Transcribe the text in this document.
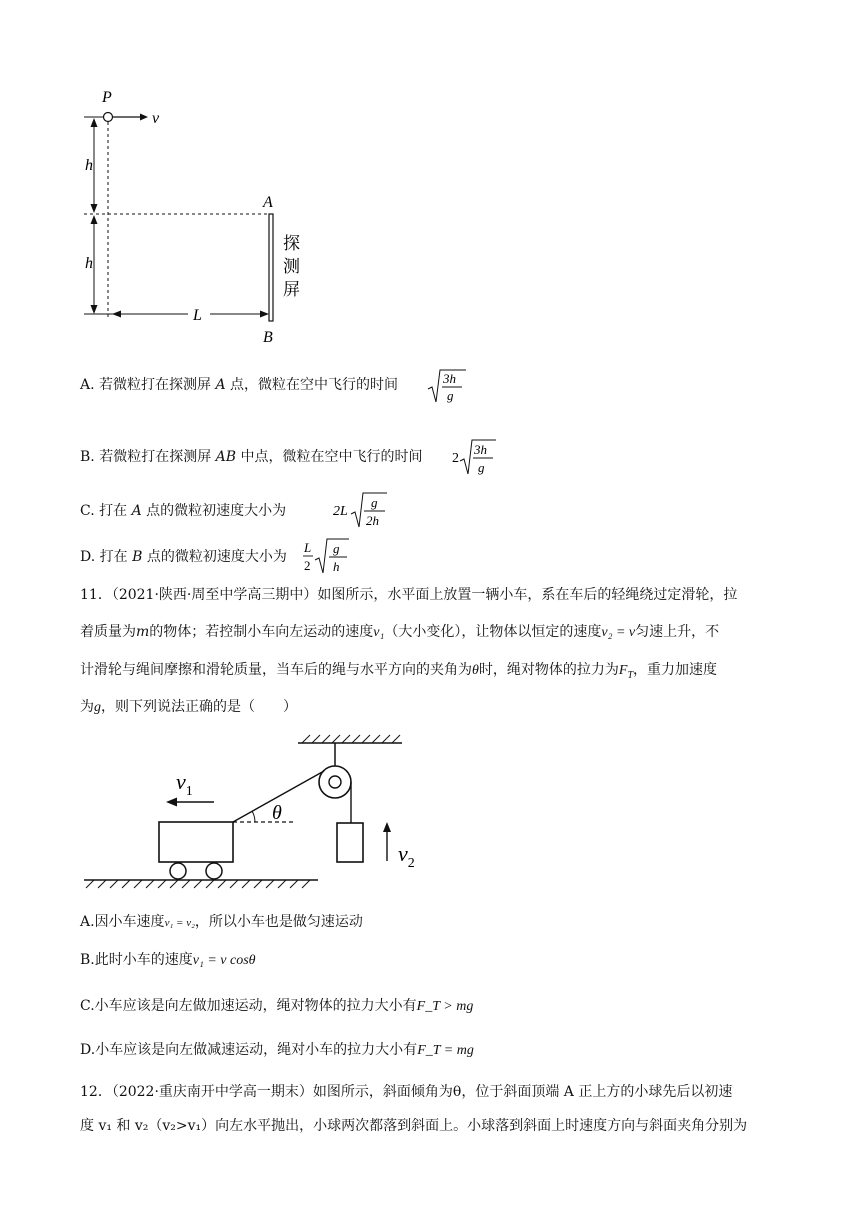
P
v
h
h
L
A
B
探
测
屏
A. 若微粒打在探测屏 A 点，微粒在空中飞行的时间	3h
g
B. 若微粒打在探测屏 AB 中点，微粒在空中飞行的时间 2
3h
g
C. 打在 A 点的微粒初速度大小为	2L
g
2h
D. 打在 B 点的微粒初速度大小为
L
2
g
h
11．（2021·陕西·周至中学高三期中）如图所示，水平面上放置一辆小车，系在车后的轻绳绕过定滑轮，拉
着质量为m的物体；若控制小车向左运动的速度v₁（大小变化），让物体以恒定的速度v₂ = v匀速上升，不
计滑轮与绳间摩擦和滑轮质量，当车后的绳与水平方向的夹角为θ时，绳对物体的拉力为$F_T$，重力加速度
为g，则下列说法正确的是（　　）
$v_2$
θ
$v_1$
A.因小车速度v₁ = v₂，所以小车也是做匀速运动
B.此时小车的速度v₁ = v cosθ
C.小车应该是向左做加速运动，绳对物体的拉力大小有F_T > mg
D.小车应该是向左做减速运动，绳对小车的拉力大小有F_T = mg
12．（2022·重庆南开中学高一期末）如图所示，斜面倾角为θ，位于斜面顶端 A 正上方的小球先后以初速
度 v₁ 和 v₂（v₂>v₁）向左水平抛出，小球两次都落到斜面上。小球落到斜面上时速度方向与斜面夹角分别为
